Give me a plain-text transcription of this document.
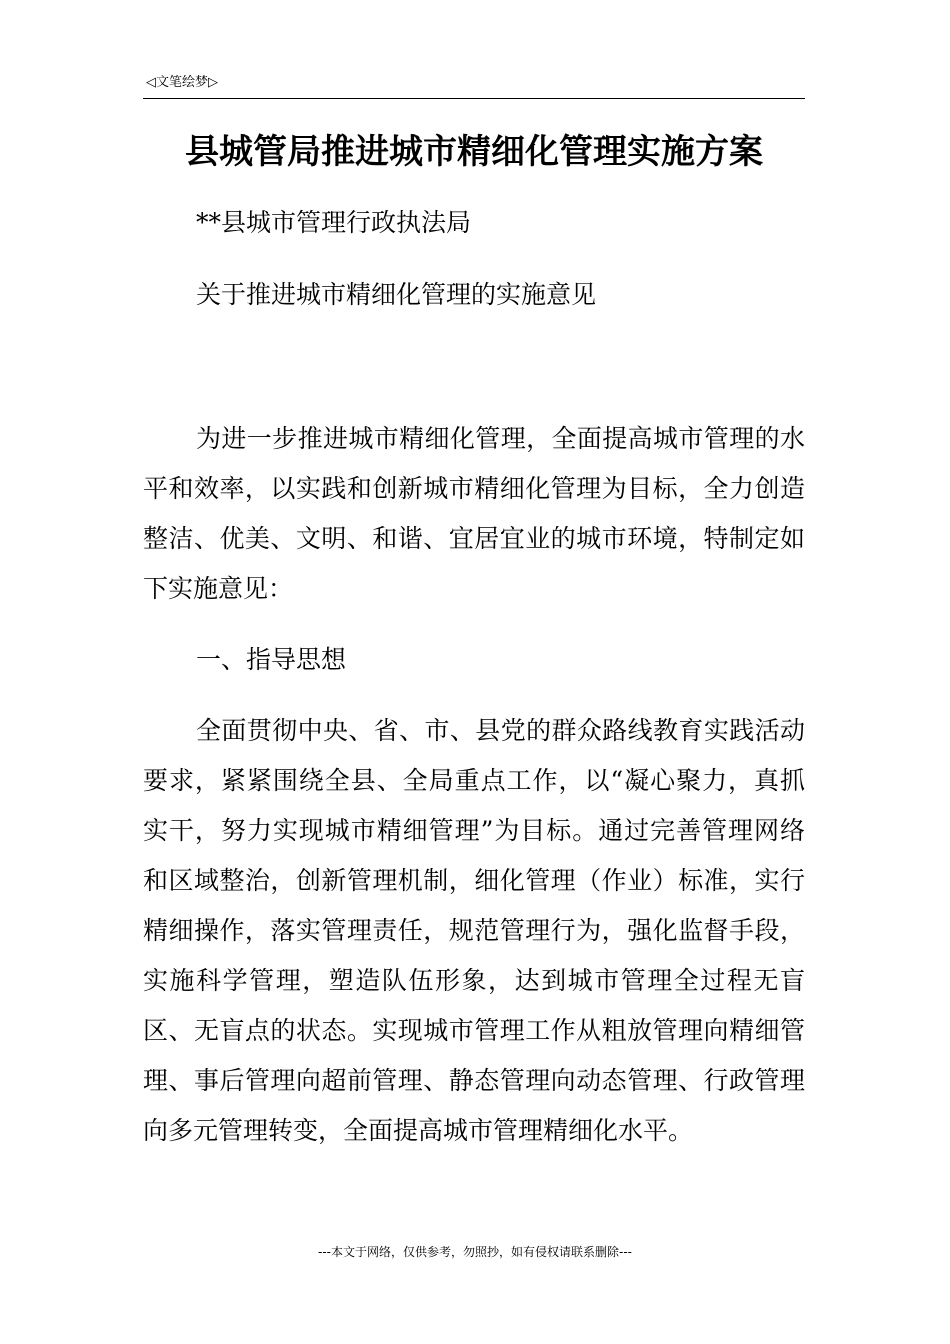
◁文笔绘梦▷
县城管局推进城市精细化管理实施方案
**县城市管理行政执法局
关于推进城市精细化管理的实施意见

为进一步推进城市精细化管理，全面提高城市管理的水平和效率，以实践和创新城市精细化管理为目标，全力创造整洁、优美、文明、和谐、宜居宜业的城市环境，特制定如下实施意见：

一、指导思想

全面贯彻中央、省、市、县党的群众路线教育实践活动要求，紧紧围绕全县、全局重点工作，以“凝心聚力，真抓实干，努力实现城市精细管理”为目标。通过完善管理网络和区域整治，创新管理机制，细化管理（作业）标准，实行精细操作，落实管理责任，规范管理行为，强化监督手段，实施科学管理，塑造队伍形象，达到城市管理全过程无盲区、无盲点的状态。实现城市管理工作从粗放管理向精细管理、事后管理向超前管理、静态管理向动态管理、行政管理向多元管理转变，全面提高城市管理精细化水平。

---本文于网络，仅供参考，勿照抄，如有侵权请联系删除---
